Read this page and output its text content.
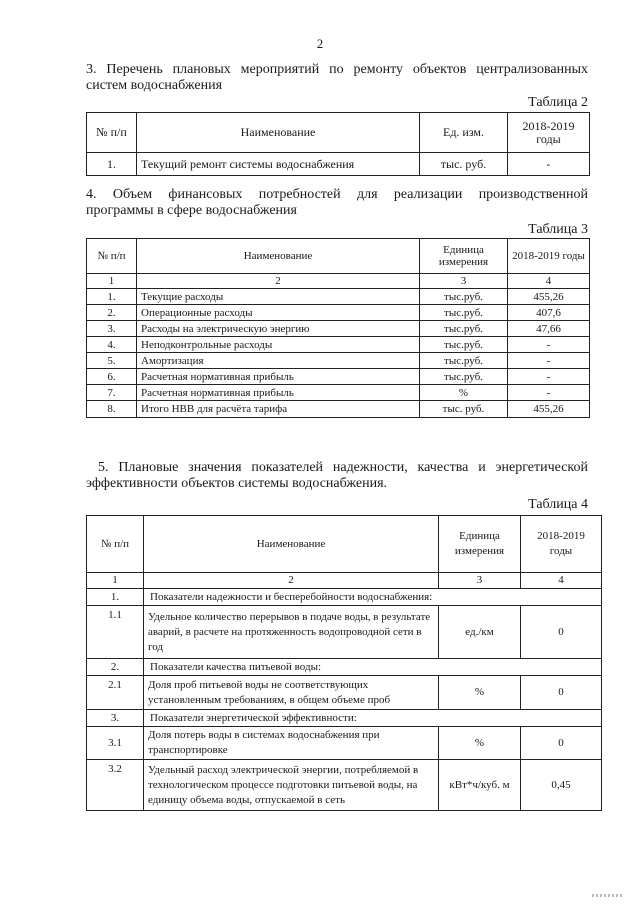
2
3. Перечень плановых мероприятий по ремонту объектов централизованных
систем водоснабжения
Таблица 2
№ п/п	Наименование	Ед. изм.	2018-2019 годы
1.	Текущий ремонт системы водоснабжения	тыс. руб.	-
4. Объем финансовых потребностей для реализации производственной
программы в сфере водоснабжения
Таблица 3
№ п/п	Наименование	Единица измерения	2018-2019 годы
1	2	3	4
1.	Текущие расходы	тыс.руб.	455,26
2.	Операционные расходы	тыс.руб.	407,6
3.	Расходы на электрическую энергию	тыс.руб.	47,66
4.	Неподконтрольные расходы	тыс.руб.	-
5.	Амортизация	тыс.руб.	-
6.	Расчетная нормативная прибыль	тыс.руб.	-
7.	Расчетная нормативная прибыль	%	-
8.	Итого НВВ для расчёта тарифа	тыс. руб.	455,26
5. Плановые значения показателей надежности, качества и энергетической
эффективности объектов системы водоснабжения.
Таблица 4
№ п/п	Наименование	Единица измерения	2018-2019 годы
1	2	3	4
1.	Показатели надежности и бесперебойности водоснабжения:		
1.1	Удельное количество перерывов в подаче воды, в результате аварий, в расчете на протяженность водопроводной сети в год	ед./км	0
2.	Показатели качества питьевой воды:		
2.1	Доля проб питьевой воды не соответствующих установленным требованиям, в общем объеме проб	%	0
3.	Показатели энергетической эффективности:		
3.1	Доля потерь воды в системах водоснабжения при транспортировке	%	0
3.2	Удельный расход электрической энергии, потребляемой в технологическом процессе подготовки питьевой воды, на единицу объема воды, отпускаемой в сеть	кВт*ч/куб. м	0,45
